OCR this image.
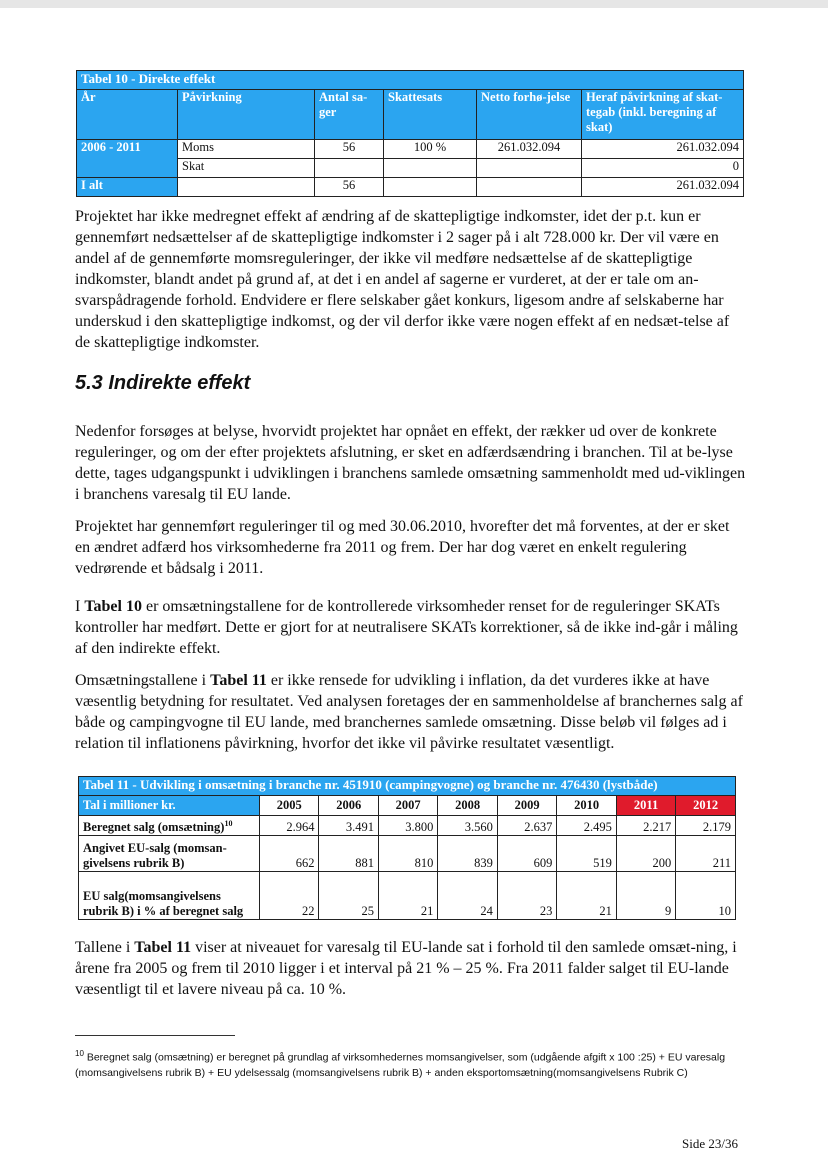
Tabel 10 - Direkte effekt					
År	Påvirkning	Antal sa-ger	Skattesats	Netto forhø-jelse	Heraf påvirkning af skat-tegab (inkl. beregning af skat)
2006 - 2011	Moms	56	100 %	261.032.094	261.032.094
	Skat				0
I alt		56			261.032.094

Projektet har ikke medregnet effekt af ændring af de skattepligtige indkomster, idet der p.t. kun er gennemført nedsættelser af de skattepligtige indkomster i 2 sager på i alt 728.000 kr. Der vil være en andel af de gennemførte momsreguleringer, der ikke vil medføre nedsættelse af de skattepligtige indkomster, blandt andet på grund af, at det i en andel af sagerne er vurderet, at der er tale om an-svarspådragende forhold. Endvidere er flere selskaber gået konkurs, ligesom andre af selskaberne har underskud i den skattepligtige indkomst, og der vil derfor ikke være nogen effekt af en nedsæt-telse af de skattepligtige indkomster.

5.3 Indirekte effekt

Nedenfor forsøges at belyse, hvorvidt projektet har opnået en effekt, der rækker ud over de konkrete reguleringer, og om der efter projektets afslutning, er sket en adfærdsændring i branchen. Til at be-lyse dette, tages udgangspunkt i udviklingen i branchens samlede omsætning sammenholdt med ud-viklingen i branchens varesalg til EU lande.

Projektet har gennemført reguleringer til og med 30.06.2010, hvorefter det må forventes, at der er sket en ændret adfærd hos virksomhederne fra 2011 og frem. Der har dog været en enkelt regulering vedrørende et bådsalg i 2011.

I Tabel 10 er omsætningstallene for de kontrollerede virksomheder renset for de reguleringer SKATs kontroller har medført. Dette er gjort for at neutralisere SKATs korrektioner, så de ikke ind-går i måling af den indirekte effekt.

Omsætningstallene i Tabel 11 er ikke rensede for udvikling i inflation, da det vurderes ikke at have væsentlig betydning for resultatet. Ved analysen foretages der en sammenholdelse af branchernes salg af både og campingvogne til EU lande, med branchernes samlede omsætning. Disse beløb vil følges ad i relation til inflationens påvirkning, hvorfor det ikke vil påvirke resultatet væsentligt.

Tabel 11 - Udvikling i omsætning i branche nr. 451910 (campingvogne) og branche nr. 476430 (lystbåde)								
Tal i millioner kr.	2005	2006	2007	2008	2009	2010	2011	2012
Beregnet salg (omsætning)$^{10}$	2.964	3.491	3.800	3.560	2.637	2.495	2.217	2.179
Angivet EU-salg (momsan-givelsens rubrik B)	662	881	810	839	609	519	200	211
EU salg(momsangivelsens rubrik B) i % af beregnet salg	22	25	21	24	23	21	9	10

Tallene i Tabel 11 viser at niveauet for varesalg til EU-lande sat i forhold til den samlede omsæt-ning, i årene fra 2005 og frem til 2010 ligger i et interval på 21 % – 25 %. Fra 2011 falder salget til EU-lande væsentligt til et lavere niveau på ca. 10 %.

$^{10}$ Beregnet salg (omsætning) er beregnet på grundlag af virksomhedernes momsangivelser, som (udgående afgift x 100 :25) + EU varesalg (momsangivelsens rubrik B) + EU ydelsessalg (momsangivelsens rubrik B) + anden eksportomsætning(momsangivelsens Rubrik C)
Side 23/36
